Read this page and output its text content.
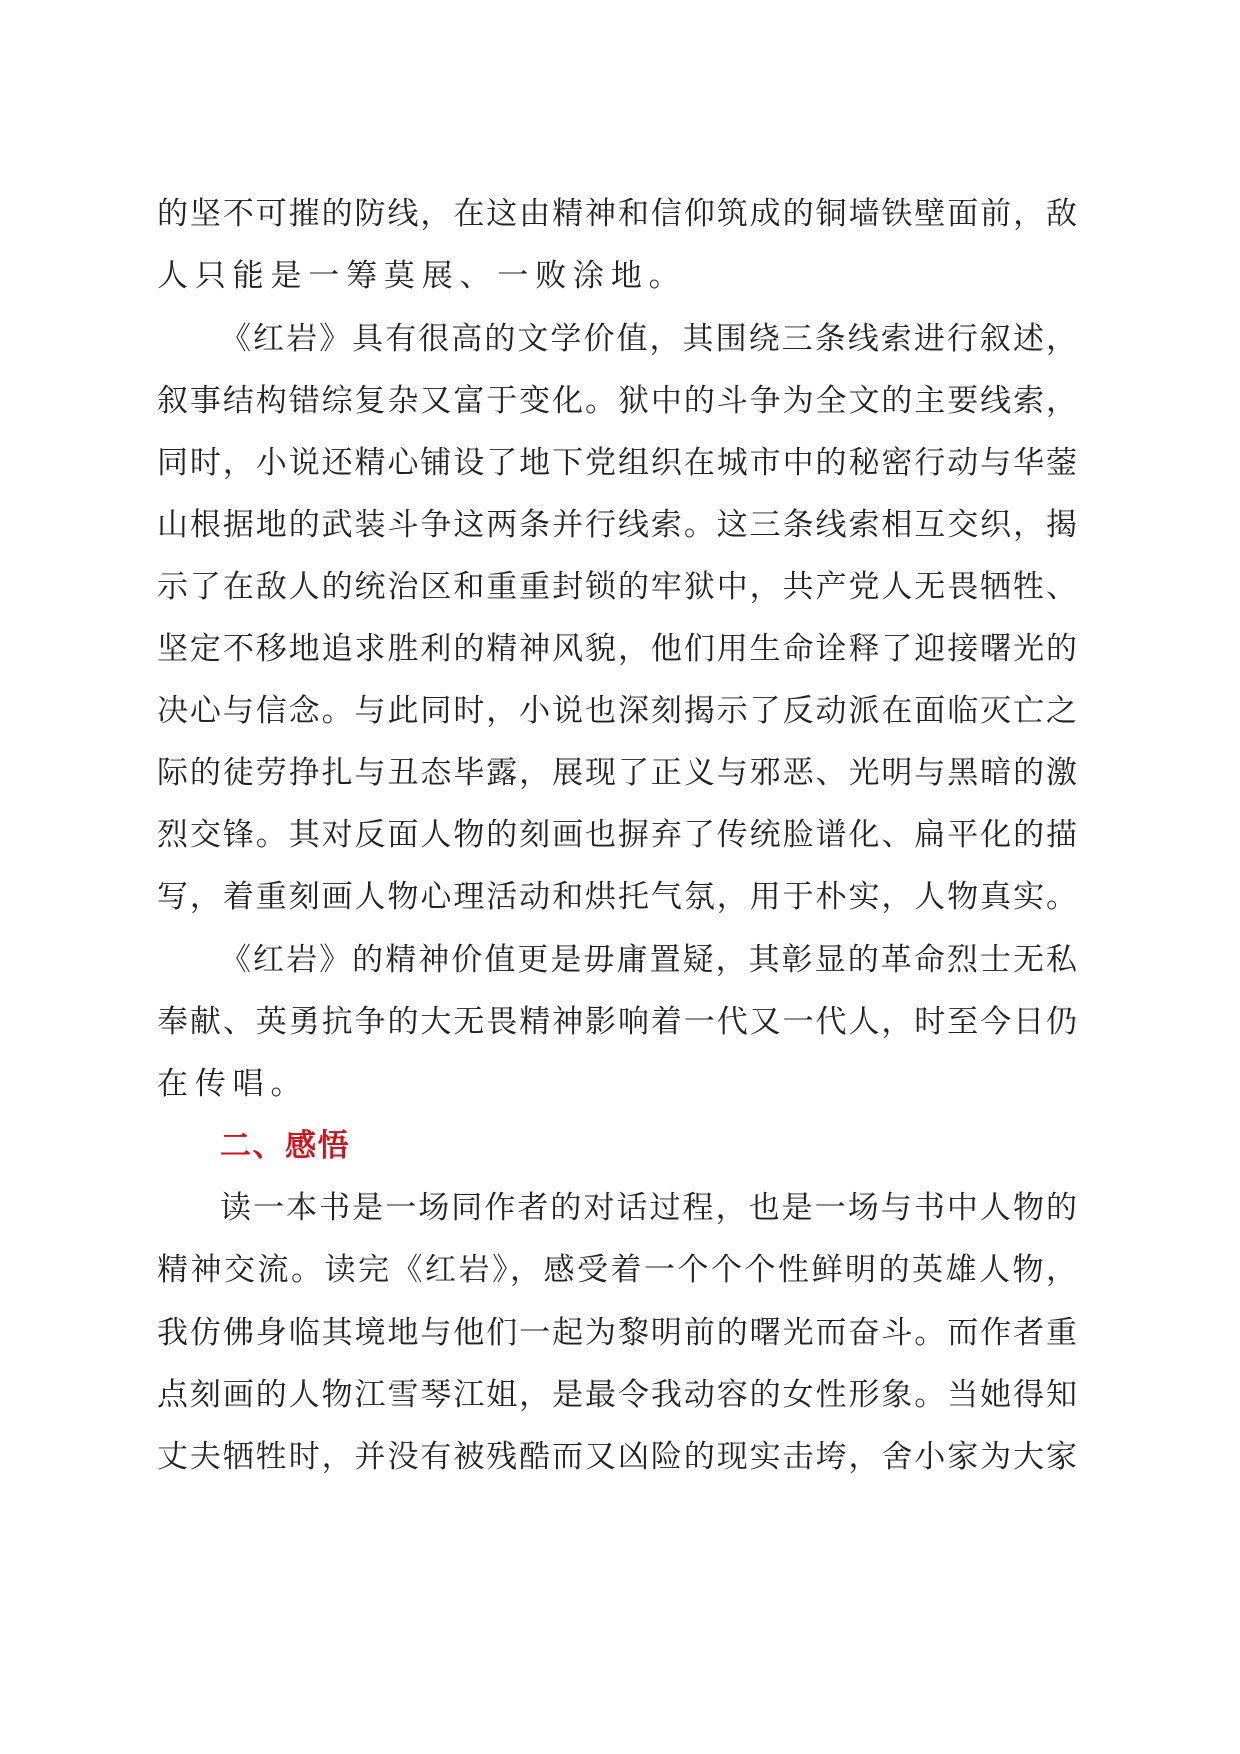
的坚不可摧的防线，在这由精神和信仰筑成的铜墙铁壁面前，敌
人只能是一筹莫展、一败涂地。
《红岩》具有很高的文学价值，其围绕三条线索进行叙述，
叙事结构错综复杂又富于变化。狱中的斗争为全文的主要线索，
同时，小说还精心铺设了地下党组织在城市中的秘密行动与华蓥
山根据地的武装斗争这两条并行线索。这三条线索相互交织，揭
示了在敌人的统治区和重重封锁的牢狱中，共产党人无畏牺牲、
坚定不移地追求胜利的精神风貌，他们用生命诠释了迎接曙光的
决心与信念。与此同时，小说也深刻揭示了反动派在面临灭亡之
际的徒劳挣扎与丑态毕露，展现了正义与邪恶、光明与黑暗的激
烈交锋。其对反面人物的刻画也摒弃了传统脸谱化、扁平化的描
写，着重刻画人物心理活动和烘托气氛，用于朴实，人物真实。
《红岩》的精神价值更是毋庸置疑，其彰显的革命烈士无私
奉献、英勇抗争的大无畏精神影响着一代又一代人，时至今日仍
在传唱。
二、感悟
读一本书是一场同作者的对话过程，也是一场与书中人物的
精神交流。读完《红岩》，感受着一个个个性鲜明的英雄人物，
我仿佛身临其境地与他们一起为黎明前的曙光而奋斗。而作者重
点刻画的人物江雪琴江姐，是最令我动容的女性形象。当她得知
丈夫牺牲时，并没有被残酷而又凶险的现实击垮，舍小家为大家
